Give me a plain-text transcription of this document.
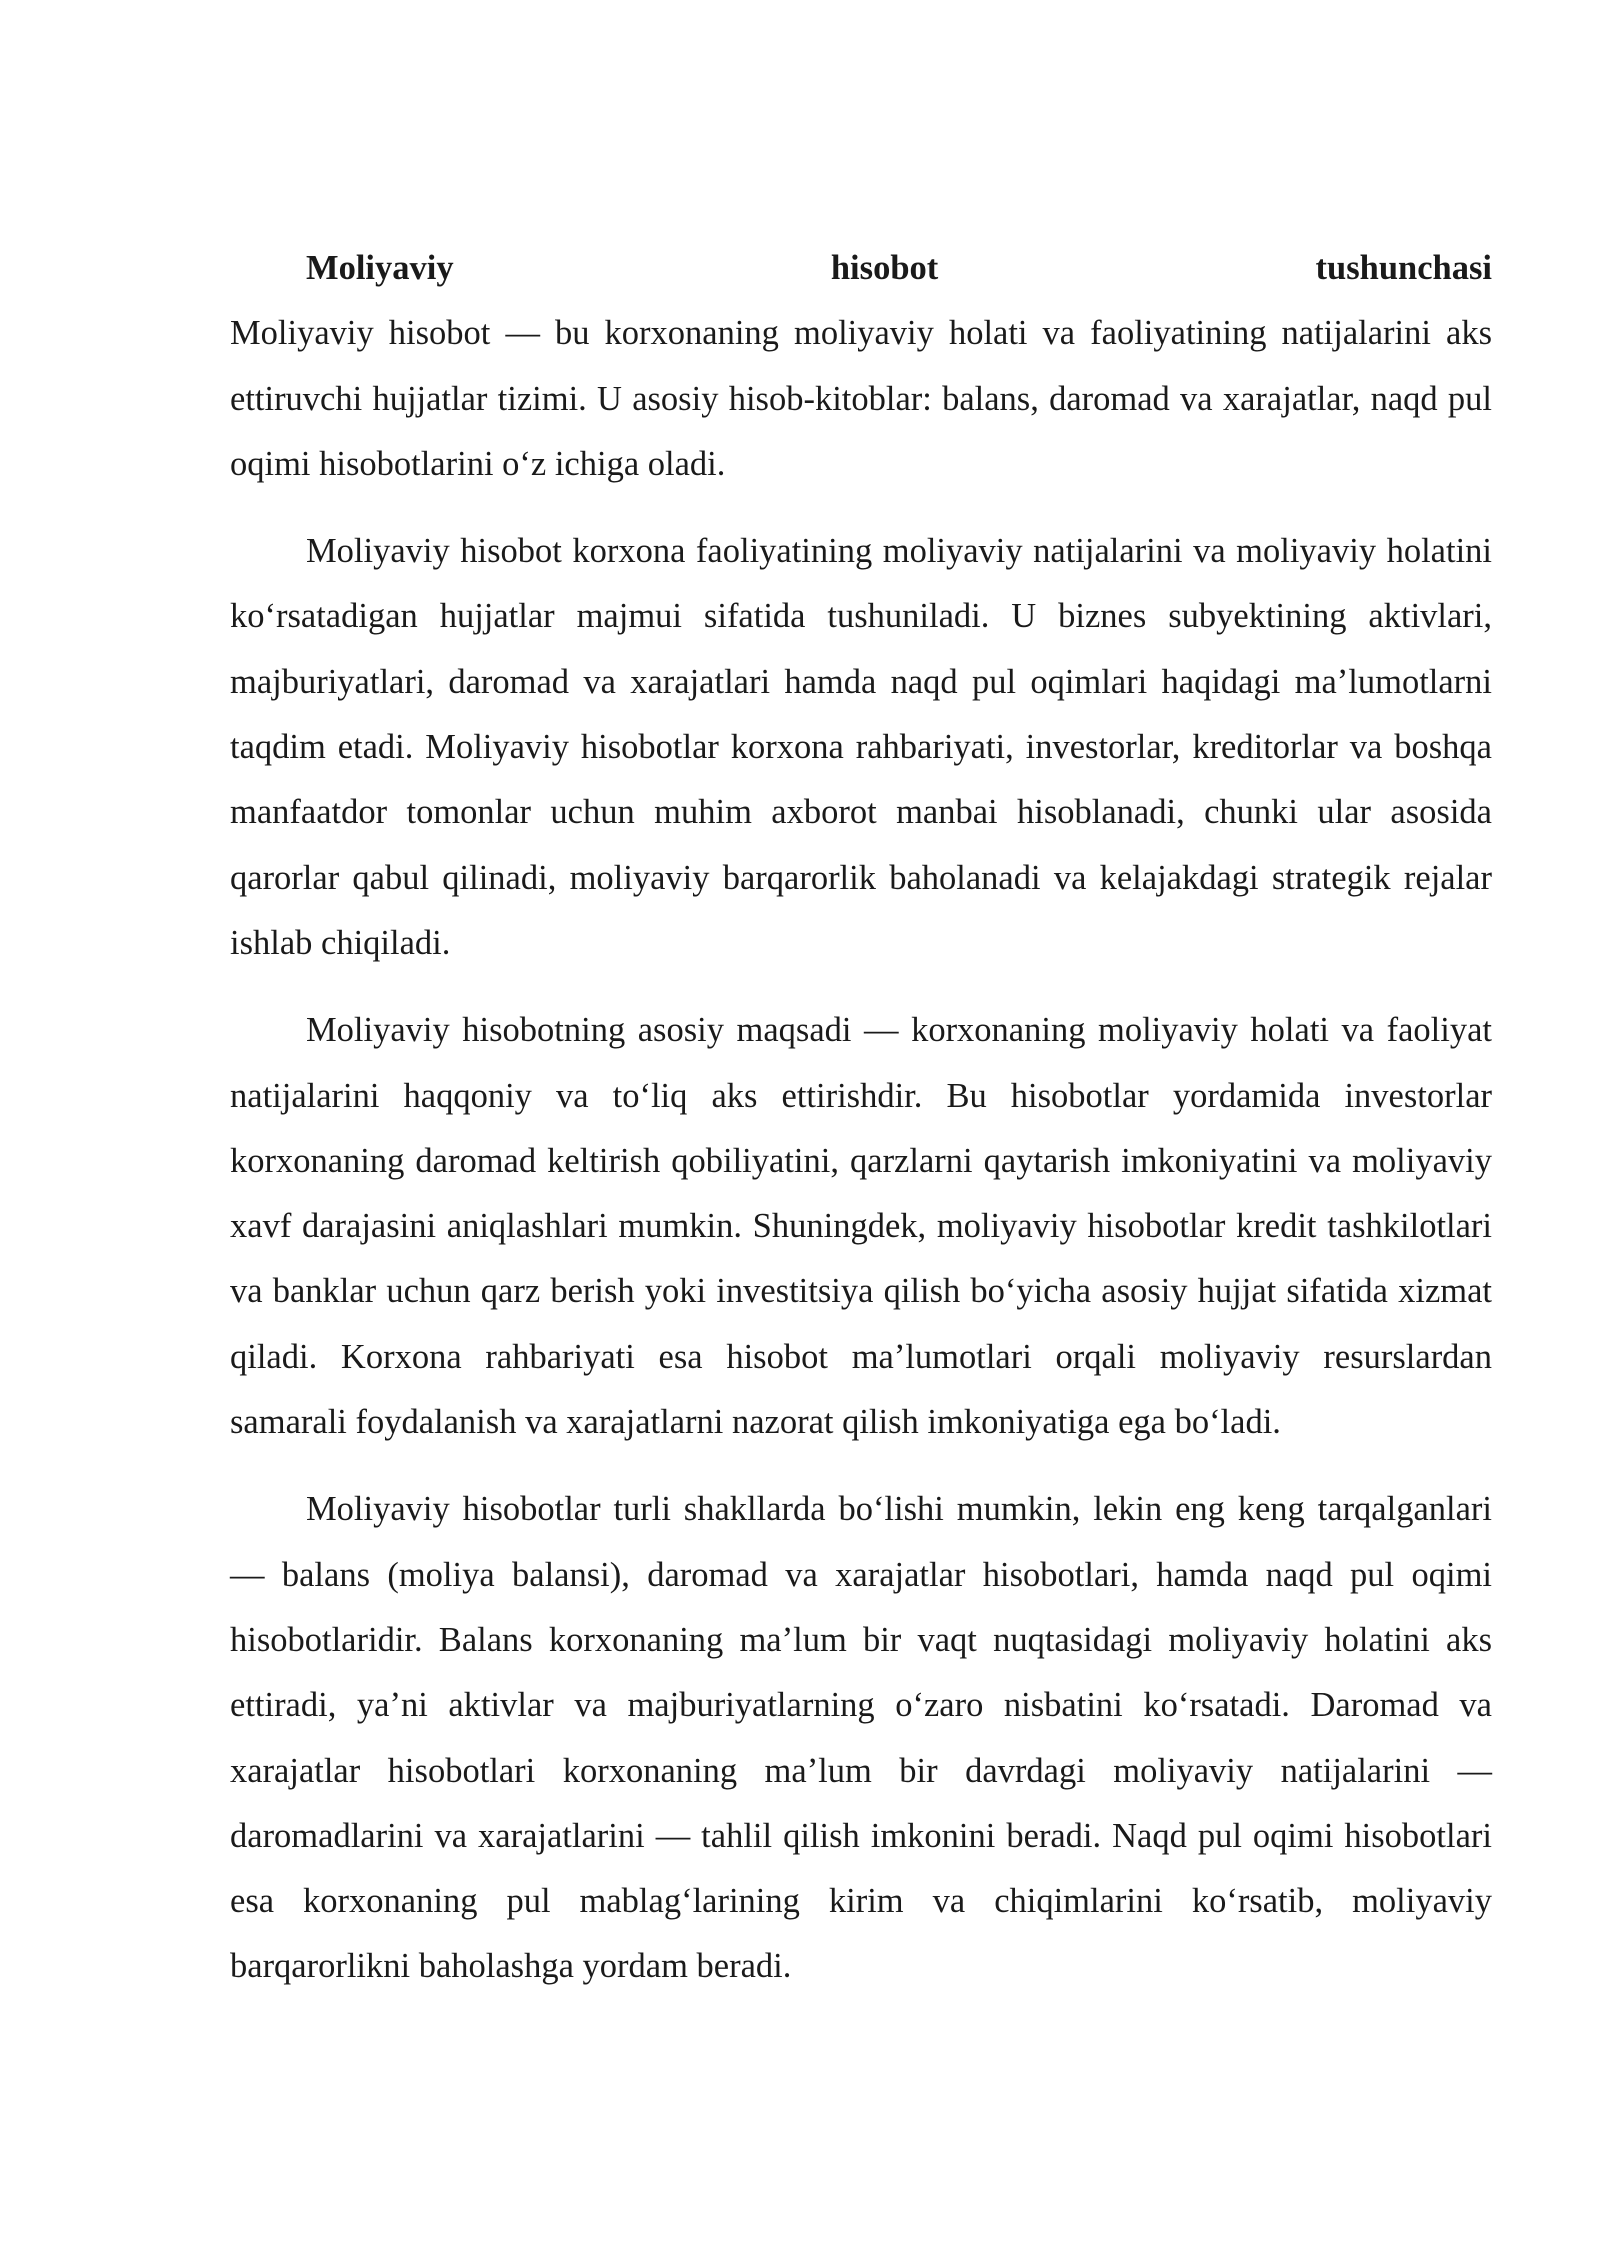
Moliyaviy	hisobot	tushunchasi

Moliyaviy hisobot — bu korxonaning moliyaviy holati va faoliyatining natijalarini aks ettiruvchi hujjatlar tizimi. U asosiy hisob-kitoblar: balans, daromad va xarajatlar, naqd pul oqimi hisobotlarini oʻz ichiga oladi.

Moliyaviy hisobot korxona faoliyatining moliyaviy natijalarini va moliyaviy holatini koʻrsatadigan hujjatlar majmui sifatida tushuniladi. U biznes subyektining aktivlari, majburiyatlari, daromad va xarajatlari hamda naqd pul oqimlari haqidagi maʼlumotlarni taqdim etadi. Moliyaviy hisobotlar korxona rahbariyati, investorlar, kreditorlar va boshqa manfaatdor tomonlar uchun muhim axborot manbai hisoblanadi, chunki ular asosida qarorlar qabul qilinadi, moliyaviy barqarorlik baholanadi va kelajakdagi strategik rejalar ishlab chiqiladi.

Moliyaviy hisobotning asosiy maqsadi — korxonaning moliyaviy holati va faoliyat natijalarini haqqoniy va toʻliq aks ettirishdir. Bu hisobotlar yordamida investorlar korxonaning daromad keltirish qobiliyatini, qarzlarni qaytarish imkoniyatini va moliyaviy xavf darajasini aniqlashlari mumkin. Shuningdek, moliyaviy hisobotlar kredit tashkilotlari va banklar uchun qarz berish yoki investitsiya qilish boʻyicha asosiy hujjat sifatida xizmat qiladi. Korxona rahbariyati esa hisobot maʼlumotlari orqali moliyaviy resurslardan samarali foydalanish va xarajatlarni nazorat qilish imkoniyatiga ega boʻladi.

Moliyaviy hisobotlar turli shakllarda boʻlishi mumkin, lekin eng keng tarqalganlari — balans (moliya balansi), daromad va xarajatlar hisobotlari, hamda naqd pul oqimi hisobotlaridir. Balans korxonaning maʼlum bir vaqt nuqtasidagi moliyaviy holatini aks ettiradi, yaʼni aktivlar va majburiyatlarning oʻzaro nisbatini koʻrsatadi. Daromad va xarajatlar hisobotlari korxonaning maʼlum bir davrdagi moliyaviy natijalarini — daromadlarini va xarajatlarini — tahlil qilish imkonini beradi. Naqd pul oqimi hisobotlari esa korxonaning pul mablagʻlarining kirim va chiqimlarini koʻrsatib, moliyaviy barqarorlikni baholashga yordam beradi.
